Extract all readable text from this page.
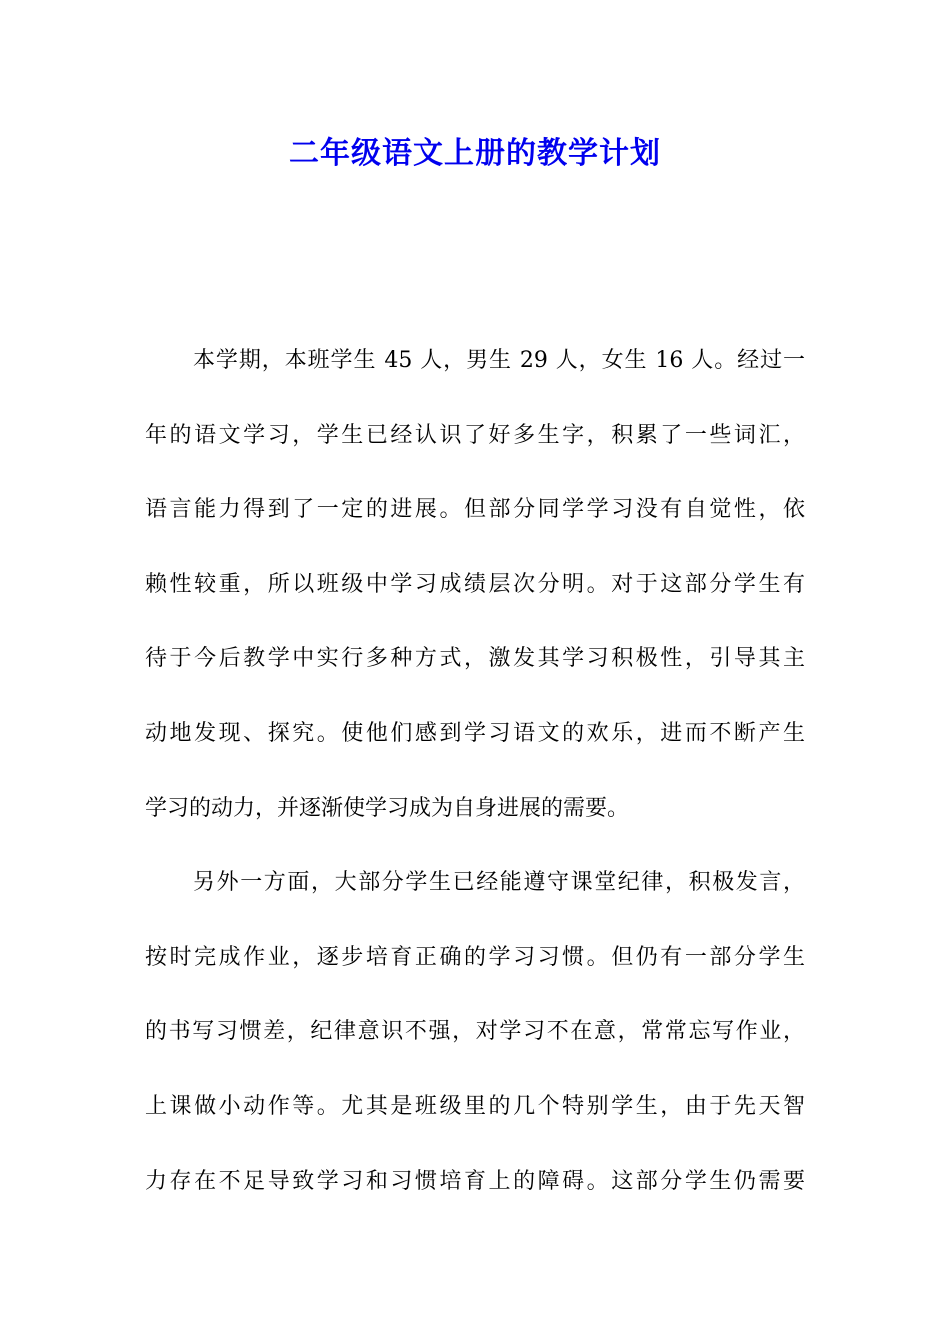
二年级语文上册的教学计划

本学期，本班学生 45 人，男生 29 人，女生 16 人。经过一

年的语文学习，学生已经认识了好多生字，积累了一些词汇，

语言能力得到了一定的进展。但部分同学学习没有自觉性，依

赖性较重，所以班级中学习成绩层次分明。对于这部分学生有

待于今后教学中实行多种方式，激发其学习积极性，引导其主

动地发现、探究。使他们感到学习语文的欢乐，进而不断产生

学习的动力，并逐渐使学习成为自身进展的需要。

另外一方面，大部分学生已经能遵守课堂纪律，积极发言，

按时完成作业，逐步培育正确的学习习惯。但仍有一部分学生

的书写习惯差，纪律意识不强，对学习不在意，常常忘写作业，

上课做小动作等。尤其是班级里的几个特别学生，由于先天智

力存在不足导致学习和习惯培育上的障碍。这部分学生仍需要
